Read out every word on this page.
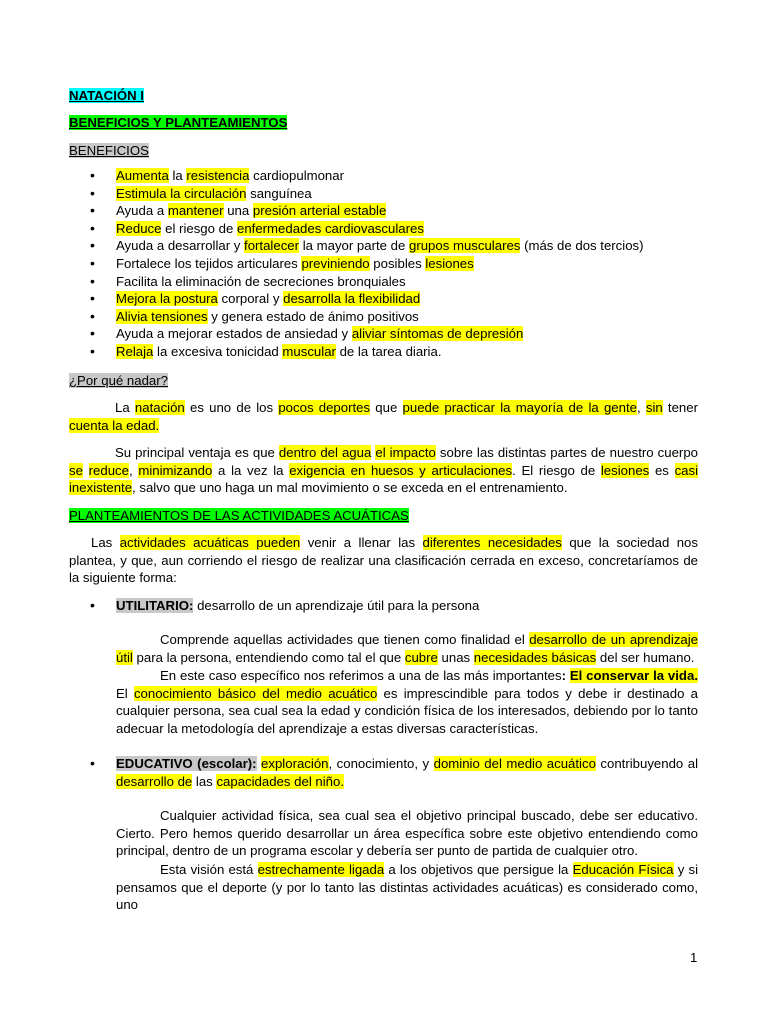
NATACIÓN I
BENEFICIOS Y PLANTEAMIENTOS
BENEFICIOS
• Aumenta la resistencia cardiopulmonar
• Estimula la circulación sanguínea
• Ayuda a mantener una presión arterial estable
• Reduce el riesgo de enfermedades cardiovasculares
• Ayuda a desarrollar y fortalecer la mayor parte de grupos musculares (más de dos tercios)
• Fortalece los tejidos articulares previniendo posibles lesiones
• Facilita la eliminación de secreciones bronquiales
• Mejora la postura corporal y desarrolla la flexibilidad
• Alivia tensiones y genera estado de ánimo positivos
• Ayuda a mejorar estados de ansiedad y aliviar síntomas de depresión
• Relaja la excesiva tonicidad muscular de la tarea diaria.
¿Por qué nadar?
La natación es uno de los pocos deportes que puede practicar la mayoría de la gente, sin tener cuenta la edad.
Su principal ventaja es que dentro del agua el impacto sobre las distintas partes de nuestro cuerpo se reduce, minimizando a la vez la exigencia en huesos y articulaciones. El riesgo de lesiones es casi inexistente, salvo que uno haga un mal movimiento o se exceda en el entrenamiento.
PLANTEAMIENTOS DE LAS ACTIVIDADES ACUÁTICAS
Las actividades acuáticas pueden venir a llenar las diferentes necesidades que la sociedad nos plantea, y que, aun corriendo el riesgo de realizar una clasificación cerrada en exceso, concretaríamos de la siguiente forma:
• UTILITARIO: desarrollo de un aprendizaje útil para la persona
Comprende aquellas actividades que tienen como finalidad el desarrollo de un aprendizaje útil para la persona, entendiendo como tal el que cubre unas necesidades básicas del ser humano.
En este caso específico nos referimos a una de las más importantes: El conservar la vida. El conocimiento básico del medio acuático es imprescindible para todos y debe ir destinado a cualquier persona, sea cual sea la edad y condición física de los interesados, debiendo por lo tanto adecuar la metodología del aprendizaje a estas diversas características.
• EDUCATIVO (escolar): exploración, conocimiento, y dominio del medio acuático contribuyendo al desarrollo de las capacidades del niño.
Cualquier actividad física, sea cual sea el objetivo principal buscado, debe ser educativo. Cierto. Pero hemos querido desarrollar un área específica sobre este objetivo entendiendo como principal, dentro de un programa escolar y debería ser punto de partida de cualquier otro.
Esta visión está estrechamente ligada a los objetivos que persigue la Educación Física y si pensamos que el deporte (y por lo tanto las distintas actividades acuáticas) es considerado como, uno
1
